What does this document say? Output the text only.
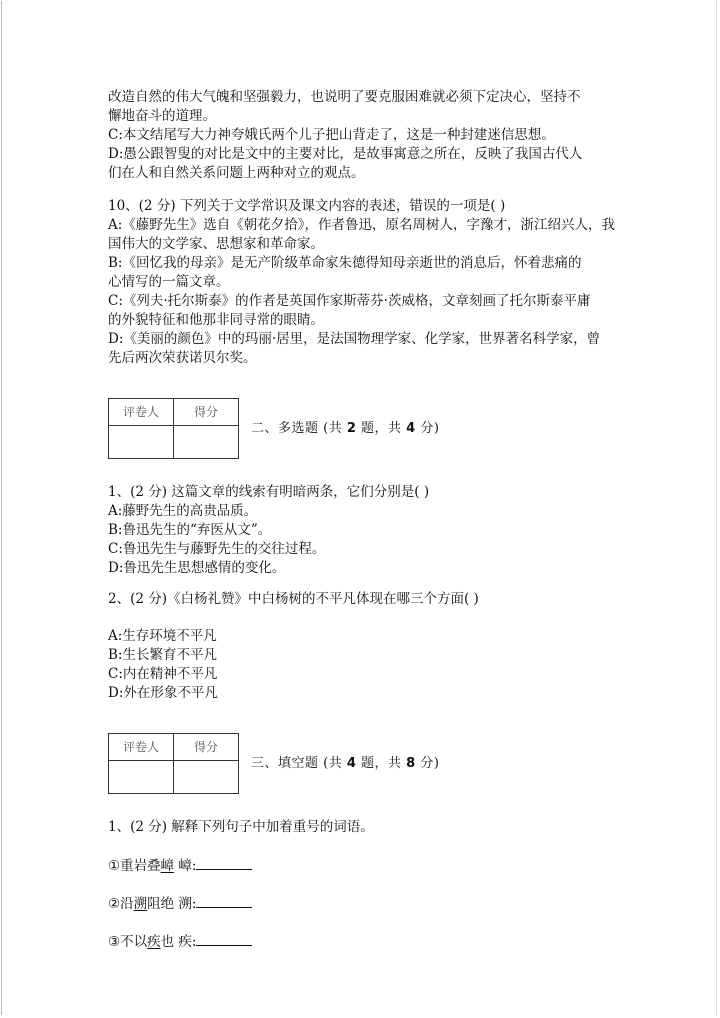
改造自然的伟大气魄和坚强毅力，也说明了要克服困难就必须下定决心，坚持不

懈地奋斗的道理。

C:本文结尾写大力神夸娥氏两个儿子把山背走了，这是一种封建迷信思想。

D:愚公跟智叟的对比是文中的主要对比，是故事寓意之所在，反映了我国古代人

们在人和自然关系问题上两种对立的观点。

10、(2 分) 下列关于文学常识及课文内容的表述，错误的一项是( )

A:《藤野先生》选自《朝花夕拾》，作者鲁迅，原名周树人，字豫才，浙江绍兴人，我

国伟大的文学家、思想家和革命家。

B:《回忆我的母亲》是无产阶级革命家朱德得知母亲逝世的消息后，怀着悲痛的

心情写的一篇文章。

C:《列夫·托尔斯泰》的作者是英国作家斯蒂芬·茨威格，文章刻画了托尔斯泰平庸

的外貌特征和他那非同寻常的眼睛。

D:《美丽的颜色》中的玛丽·居里，是法国物理学家、化学家，世界著名科学家，曾

先后两次荣获诺贝尔奖。

评卷人	得分

二、多选题 (共 2 题，共 4 分)

1、(2 分) 这篇文章的线索有明暗两条，它们分别是( )

A:藤野先生的高贵品质。

B:鲁迅先生的“弃医从文”。

C:鲁迅先生与藤野先生的交往过程。

D:鲁迅先生思想感情的变化。

2、(2 分)《白杨礼赞》中白杨树的不平凡体现在哪三个方面( )

A:生存环境不平凡

B:生长繁育不平凡

C:内在精神不平凡

D:外在形象不平凡

评卷人	得分

三、填空题 (共 4 题，共 8 分)

1、(2 分) 解释下列句子中加着重号的词语。

①重岩叠嶂 嶂:

②沿溯阻绝 溯:

③不以疾也 疾:
